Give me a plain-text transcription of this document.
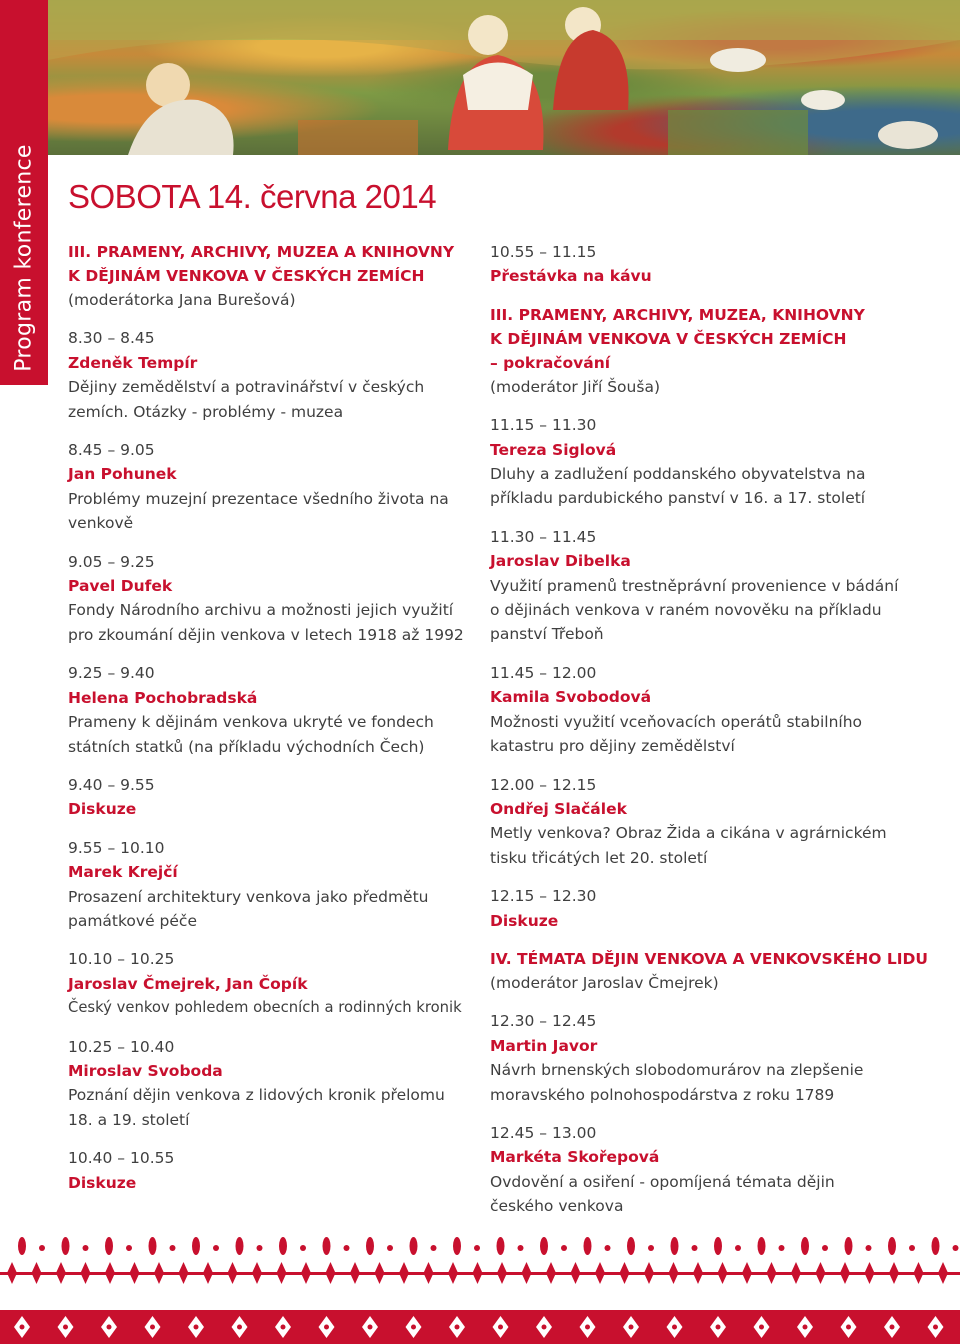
Program konference SOBOTA 14. června 2014

III. PRAMENY, ARCHIVY, MUZEA A KNIHOVNY

K DĚJINÁM VENKOVA V ČESKÝCH ZEMÍCH

(moderátorka Jana Burešová)

8.30 – 8.45

Zdeněk Tempír

Dějiny zemědělství a potravinářství v českých

zemích. Otázky - problémy - muzea

8.45 – 9.05

Jan Pohunek

Problémy muzejní prezentace všedního života na

venkově

9.05 – 9.25

Pavel Dufek

Fondy Národního archivu a možnosti jejich využití

pro zkoumání dějin venkova v letech 1918 až 1992

9.25 – 9.40

Helena Pochobradská

Prameny k dějinám venkova ukryté ve fondech

státních statků (na příkladu východních Čech)

9.40 – 9.55

Diskuze

9.55 – 10.10

Marek Krejčí

Prosazení architektury venkova jako předmětu

památkové péče

10.10 – 10.25

Jaroslav Čmejrek, Jan Čopík

Český venkov pohledem obecních a rodinných kronik

10.25 – 10.40

Miroslav Svoboda

Poznání dějin venkova z lidových kronik přelomu

18. a 19. století

10.40 – 10.55

Diskuze

10.55 – 11.15

Přestávka na kávu

III. PRAMENY, ARCHIVY, MUZEA, KNIHOVNY

K DĚJINÁM VENKOVA V ČESKÝCH ZEMÍCH

– pokračování

(moderátor Jiří Šouša)

11.15 – 11.30

Tereza Siglová

Dluhy a zadlužení poddanského obyvatelstva na

příkladu pardubického panství v 16. a 17. století

11.30 – 11.45

Jaroslav Dibelka

Využití pramenů trestněprávní provenience v bádání

o dějinách venkova v raném novověku na příkladu

panství Třeboň

11.45 – 12.00

Kamila Svobodová

Možnosti využití vceňovacích operátů stabilního

katastru pro dějiny zemědělství

12.00 – 12.15

Ondřej Slačálek

Metly venkova? Obraz Žida a cikána v agrárnickém

tisku třicátých let 20. století

12.15 – 12.30

Diskuze

IV. TÉMATA DĚJIN VENKOVA A VENKOVSKÉHO LIDU

(moderátor Jaroslav Čmejrek)

12.30 – 12.45

Martin Javor

Návrh brnenských slobodomurárov na zlepšenie

moravského polnohospodárstva z roku 1789

12.45 – 13.00

Markéta Skořepová

Ovdovění a osiření - opomíjená témata dějin

českého venkova
